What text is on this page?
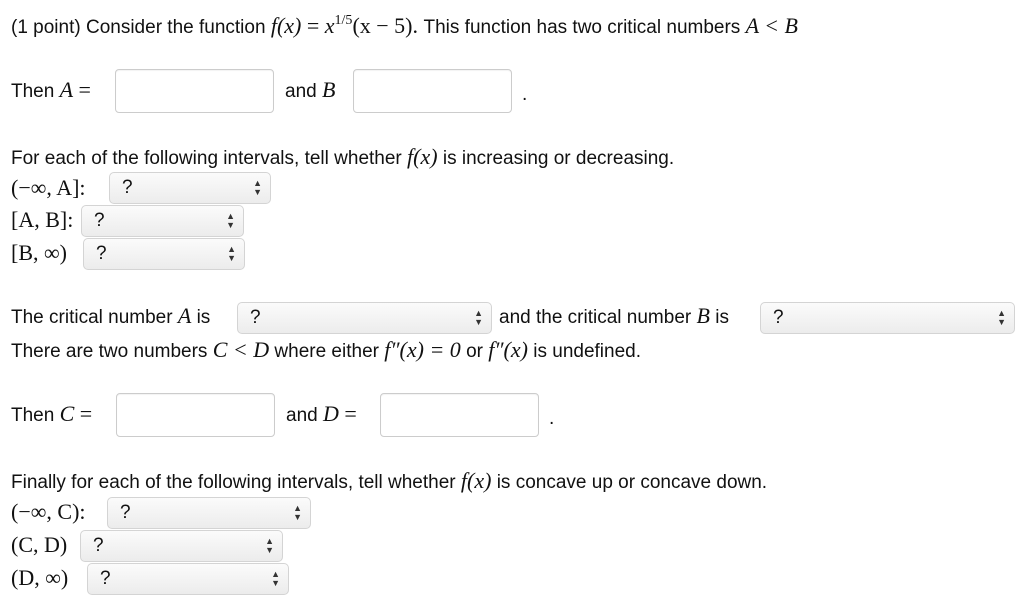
(1 point) Consider the function $f(x) = x^{1/5}(x - 5)$. This function has two critical numbers A < B
Then A =	and B	.
For each of the following intervals, tell whether f(x) is increasing or decreasing.
(−∞, A]:	?	▲
▼
[A, B]:	?	▲
▼
[B, ∞)	?	▲
▼
The critical number A is	?	▲
▼ and the critical number B is	?	▲
▼
There are two numbers C < D where either f″(x) = 0 or f″(x) is undefined.
Then C =	and D =	.
Finally for each of the following intervals, tell whether f(x) is concave up or concave down.
(−∞, C):	?	▲
▼
(C, D)	?	▲
▼
(D, ∞)	?	▲
▼
